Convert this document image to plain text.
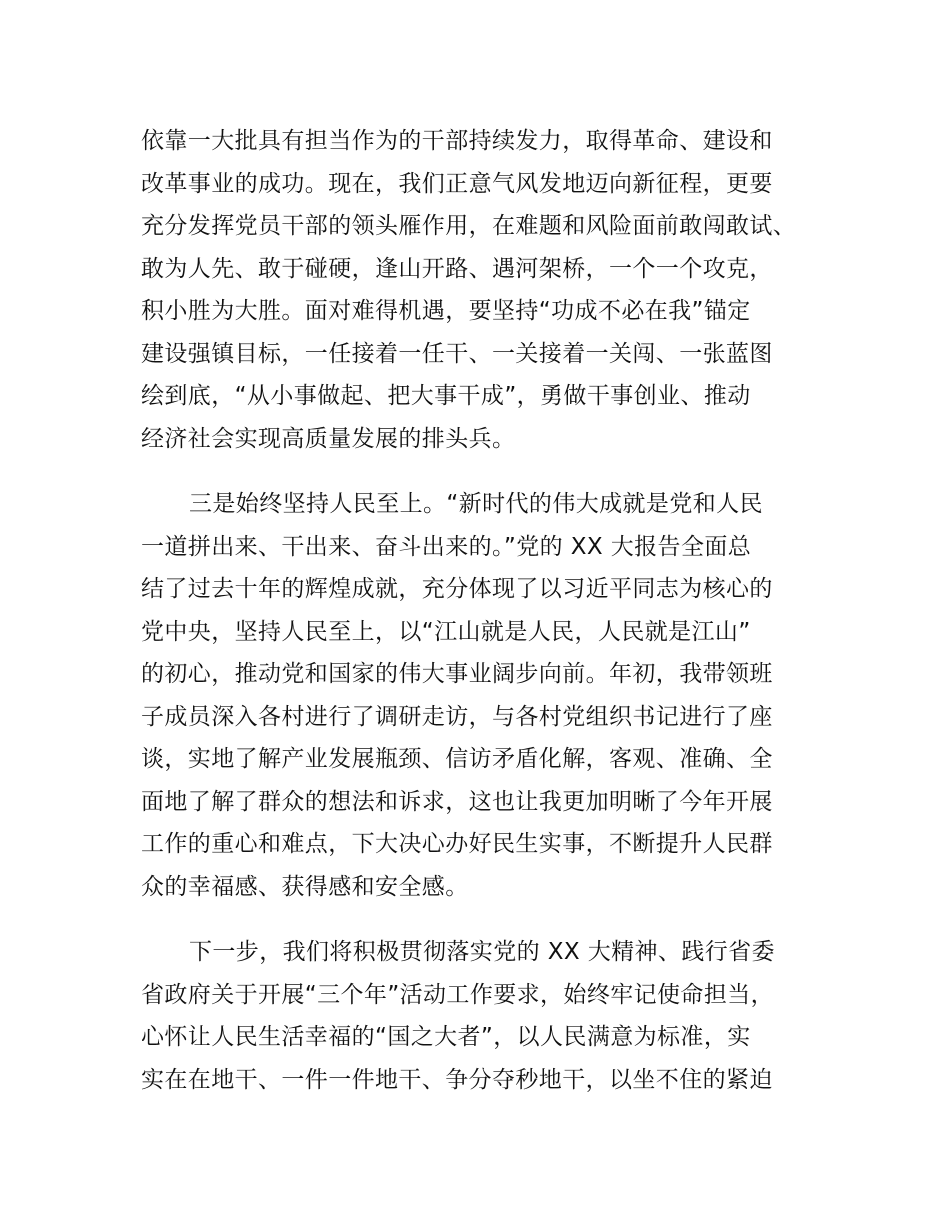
依靠一大批具有担当作为的干部持续发力，取得革命、建设和

改革事业的成功。现在，我们正意气风发地迈向新征程，更要

充分发挥党员干部的领头雁作用，在难题和风险面前敢闯敢试、

敢为人先、敢于碰硬，逢山开路、遇河架桥，一个一个攻克，

积小胜为大胜。面对难得机遇，要坚持“功成不必在我”锚定

建设强镇目标，一任接着一任干、一关接着一关闯、一张蓝图

绘到底，“从小事做起、把大事干成”，勇做干事创业、推动

经济社会实现高质量发展的排头兵。

三是始终坚持人民至上。“新时代的伟大成就是党和人民

一道拼出来、干出来、奋斗出来的。”党的 XX 大报告全面总

结了过去十年的辉煌成就，充分体现了以习近平同志为核心的

党中央，坚持人民至上，以“江山就是人民，人民就是江山”

的初心，推动党和国家的伟大事业阔步向前。年初，我带领班

子成员深入各村进行了调研走访，与各村党组织书记进行了座

谈，实地了解产业发展瓶颈、信访矛盾化解，客观、准确、全

面地了解了群众的想法和诉求，这也让我更加明晰了今年开展

工作的重心和难点，下大决心办好民生实事，不断提升人民群

众的幸福感、获得感和安全感。

下一步，我们将积极贯彻落实党的 XX 大精神、践行省委

省政府关于开展“三个年”活动工作要求，始终牢记使命担当，

心怀让人民生活幸福的“国之大者”，以人民满意为标准，实

实在在地干、一件一件地干、争分夺秒地干，以坐不住的紧迫
